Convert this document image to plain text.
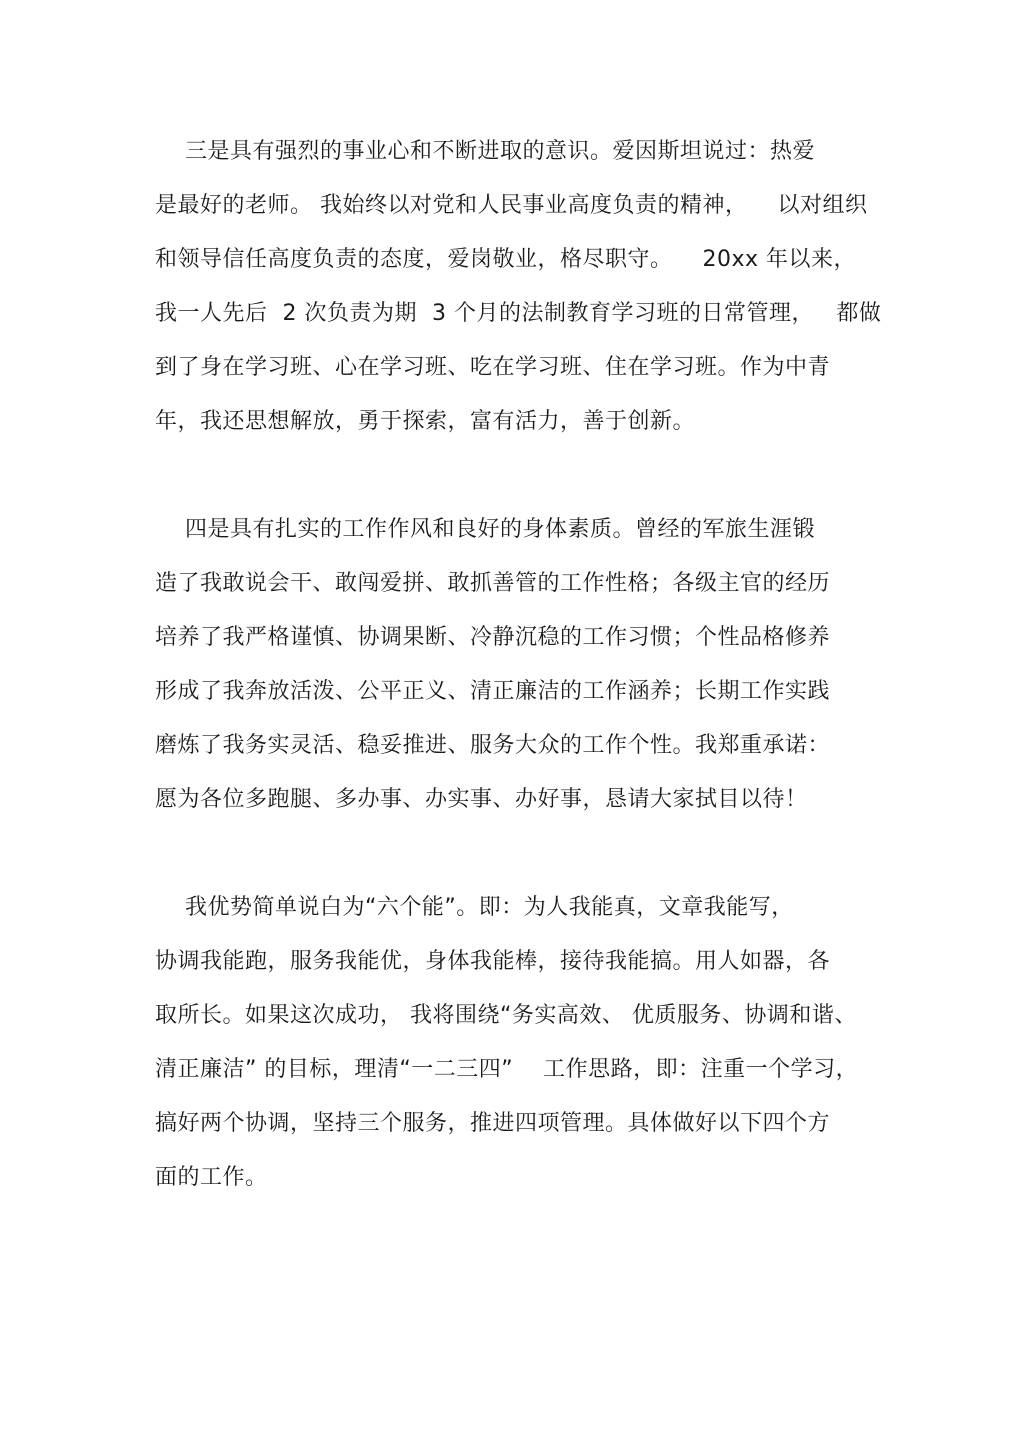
三是具有强烈的事业心和不断进取的意识。爱因斯坦说过：热爱
是最好的老师。 我始终以对党和人民事业高度负责的精神，    以对组织
和领导信任高度负责的态度，爱岗敬业，格尽职守。    20xx 年以来，
我一人先后  2 次负责为期  3 个月的法制教育学习班的日常管理，   都做
到了身在学习班、心在学习班、吃在学习班、住在学习班。作为中青
年，我还思想解放，勇于探索，富有活力，善于创新。
四是具有扎实的工作作风和良好的身体素质。曾经的军旅生涯锻
造了我敢说会干、敢闯爱拼、敢抓善管的工作性格；各级主官的经历
培养了我严格谨慎、协调果断、冷静沉稳的工作习惯；个性品格修养
形成了我奔放活泼、公平正义、清正廉洁的工作涵养；长期工作实践
磨炼了我务实灵活、稳妥推进、服务大众的工作个性。我郑重承诺：
愿为各位多跑腿、多办事、办实事、办好事，恳请大家拭目以待！
我优势简单说白为“六个能”。即：为人我能真，文章我能写，
协调我能跑，服务我能优，身体我能棒，接待我能搞。用人如器，各
取所长。如果这次成功， 我将围绕“务实高效、 优质服务、协调和谐、
清正廉洁” 的目标，理清“一二三四”    工作思路，即：注重一个学习，
搞好两个协调，坚持三个服务，推进四项管理。具体做好以下四个方
面的工作。
